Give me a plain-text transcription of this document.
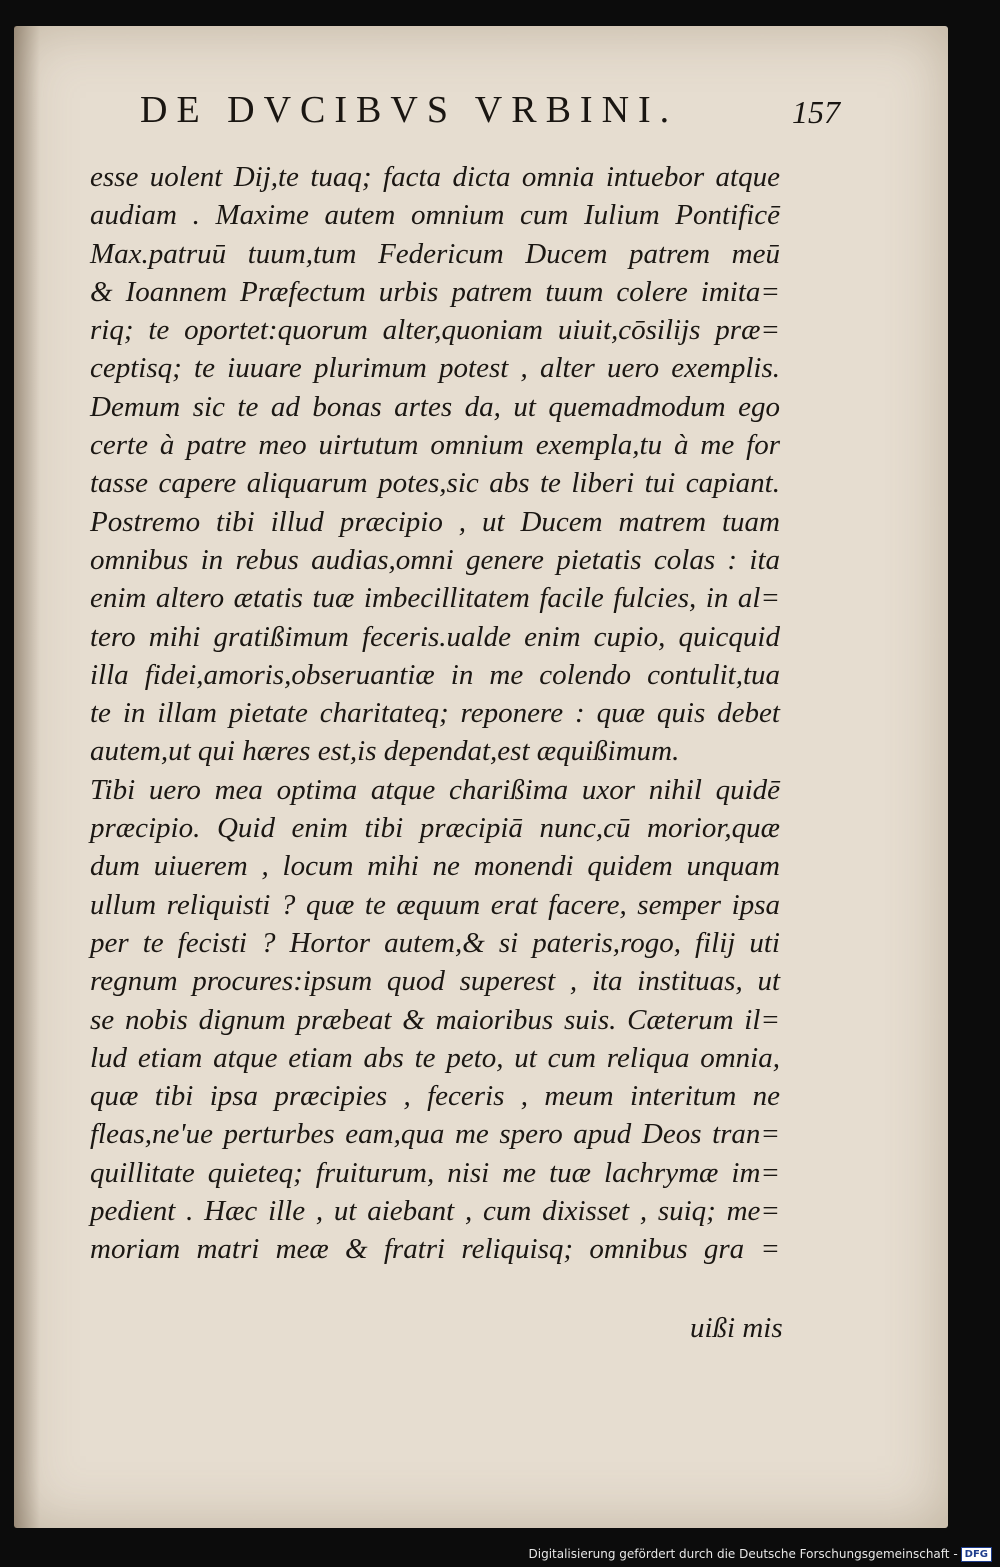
DE DVCIBVS VRBINI.	157
esse uolent Dij,te tuaq; facta dicta omnia intuebor atque
audiam . Maxime autem omnium cum Iulium Pontificē
Max.patruū tuum,tum Federicum Ducem patrem meū
& Ioannem Præfectum urbis patrem tuum colere imita=
riq; te oportet:quorum alter,quoniam uiuit,cōsilijs præ=
ceptisq; te iuuare plurimum potest , alter uero exemplis.
Demum sic te ad bonas artes da, ut quemadmodum ego
certe à patre meo uirtutum omnium exempla,tu à me for
tasse capere aliquarum potes,sic abs te liberi tui capiant.
Postremo tibi illud præcipio , ut Ducem matrem tuam
omnibus in rebus audias,omni genere pietatis colas : ita
enim altero ætatis tuæ imbecillitatem facile fulcies, in al=
tero mihi gratißimum feceris.ualde enim cupio, quicquid
illa fidei,amoris,obseruantiæ in me colendo contulit,tua
te in illam pietate charitateq; reponere : quæ quis debet
autem,ut qui hæres est,is dependat,est æquißimum.
Tibi uero mea optima atque charißima uxor nihil quidē
præcipio. Quid enim tibi præcipiā nunc,cū morior,quæ
dum uiuerem , locum mihi ne monendi quidem unquam
ullum reliquisti ? quæ te æquum erat facere, semper ipsa
per te fecisti ? Hortor autem,& si pateris,rogo, filij uti
regnum procures:ipsum quod superest , ita instituas, ut
se nobis dignum præbeat & maioribus suis. Cæterum il=
lud etiam atque etiam abs te peto, ut cum reliqua omnia,
quæ tibi ipsa præcipies , feceris , meum interitum ne
fleas,ne'ue perturbes eam,qua me spero apud Deos tran=
quillitate quieteq; fruiturum, nisi me tuæ lachrymæ im=
pedient . Hæc ille , ut aiebant , cum dixisset , suiq; me=
moriam matri meæ & fratri reliquisq; omnibus gra =
uißi mis
Digitalisierung gefördert durch die Deutsche Forschungsgemeinschaft - DFG
